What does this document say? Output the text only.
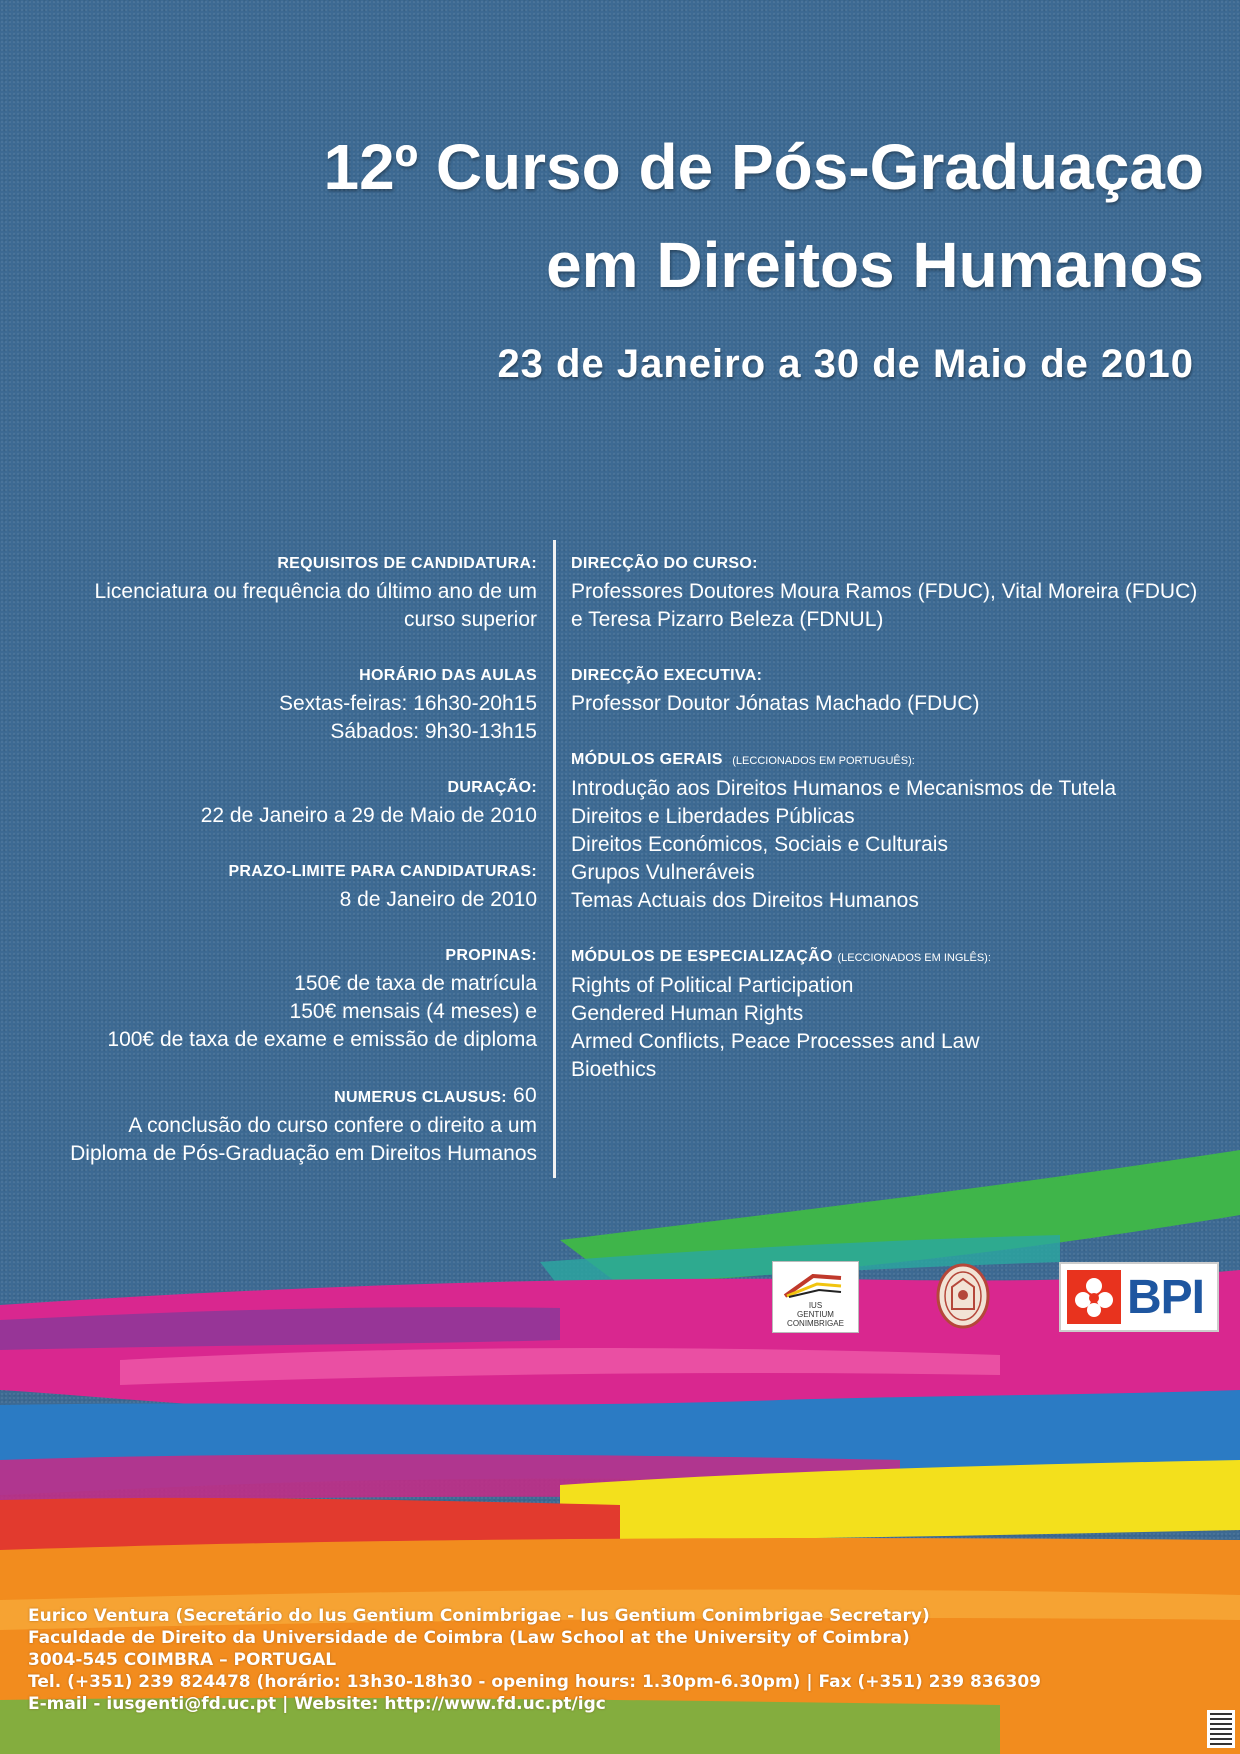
12º Curso de Pós-Graduaçao
em Direitos Humanos
23 de Janeiro a 30 de Maio de 2010
REQUISITOS DE CANDIDATURA:
Licenciatura ou frequência do último ano de um
curso superior
HORÁRIO DAS AULAS
Sextas-feiras: 16h30-20h15
Sábados: 9h30-13h15
DURAÇÃO:
22 de Janeiro a 29 de Maio de 2010
PRAZO-LIMITE PARA CANDIDATURAS:
8 de Janeiro de 2010
PROPINAS:
150€ de taxa de matrícula
150€ mensais (4 meses) e
100€ de taxa de exame e emissão de diploma
NUMERUS CLAUSUS: 60
A conclusão do curso confere o direito a um
Diploma de Pós-Graduação em Direitos Humanos
DIRECÇÃO DO CURSO:
Professores Doutores Moura Ramos (FDUC), Vital Moreira (FDUC)
e Teresa Pizarro Beleza (FDNUL)
DIRECÇÃO EXECUTIVA:
Professor Doutor Jónatas Machado (FDUC)
MÓDULOS GERAIS (LECCIONADOS EM PORTUGUÊS):
Introdução aos Direitos Humanos e Mecanismos de Tutela
Direitos e Liberdades Públicas
Direitos Económicos, Sociais e Culturais
Grupos Vulneráveis
Temas Actuais dos Direitos Humanos
MÓDULOS DE ESPECIALIZAÇÃO (LECCIONADOS EM INGLÊS):
Rights of Political Participation
Gendered Human Rights
Armed Conflicts, Peace Processes and Law
Bioethics
IUS
GENTIUM
CONIMBRIGAE	BPI
Eurico Ventura (Secretário do Ius Gentium Conimbrigae - Ius Gentium Conimbrigae Secretary)
Faculdade de Direito da Universidade de Coimbra (Law School at the University of Coimbra)
3004-545 COIMBRA – PORTUGAL
Tel. (+351) 239 824478 (horário: 13h30-18h30 - opening hours: 1.30pm-6.30pm) | Fax (+351) 239 836309
E-mail - iusgenti@fd.uc.pt | Website: http://www.fd.uc.pt/igc
